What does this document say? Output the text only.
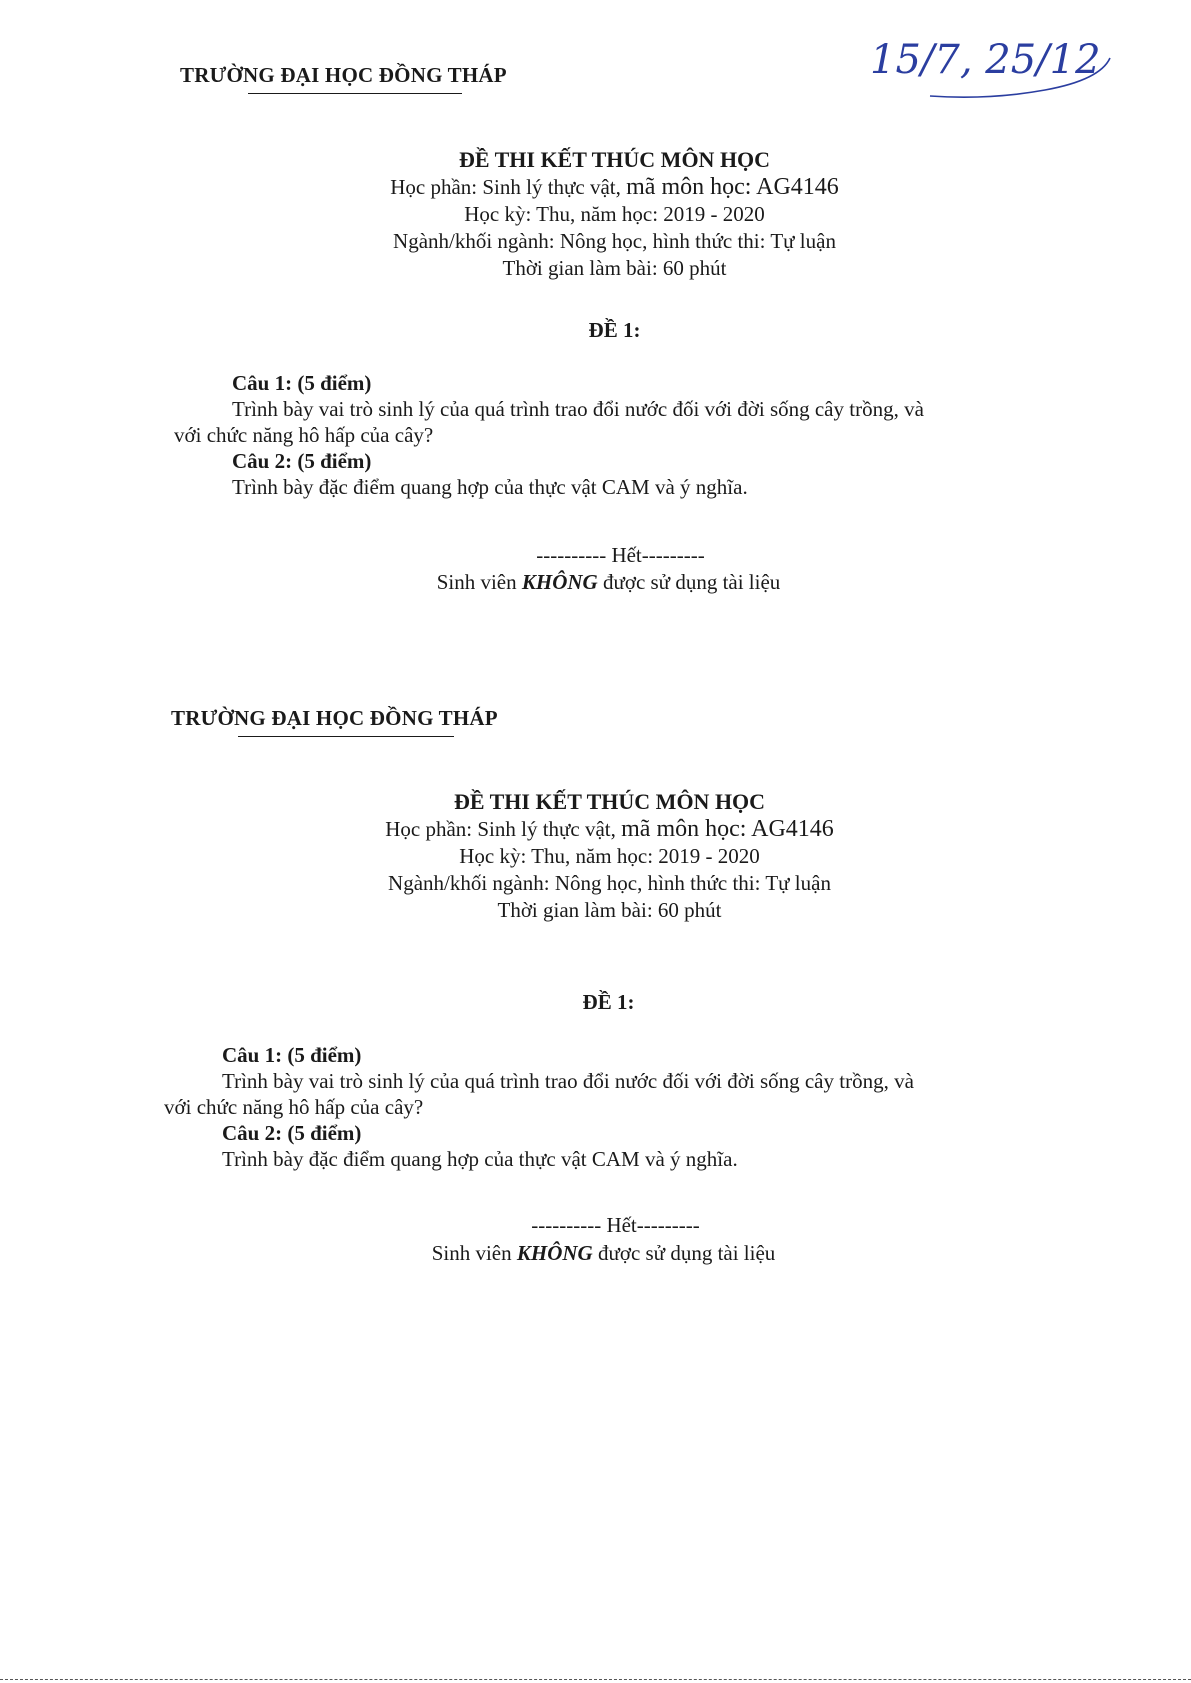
15/7, 25/12
TRƯỜNG ĐẠI HỌC ĐỒNG THÁP
ĐỀ THI KẾT THÚC MÔN HỌC
Học phần: Sinh lý thực vật, mã môn học: AG4146
Học kỳ: Thu, năm học: 2019 - 2020
Ngành/khối ngành: Nông học, hình thức thi: Tự luận
Thời gian làm bài: 60 phút
ĐỀ 1:
Câu 1: (5 điểm)
Trình bày vai trò sinh lý của quá trình trao đổi nước đối với đời sống cây trồng, và
với chức năng hô hấp của cây?
Câu 2: (5 điểm)
Trình bày đặc điểm quang hợp của thực vật CAM và ý nghĩa.
---------- Hết---------
Sinh viên KHÔNG được sử dụng tài liệu
TRƯỜNG ĐẠI HỌC ĐỒNG THÁP
ĐỀ THI KẾT THÚC MÔN HỌC
Học phần: Sinh lý thực vật, mã môn học: AG4146
Học kỳ: Thu, năm học: 2019 - 2020
Ngành/khối ngành: Nông học, hình thức thi: Tự luận
Thời gian làm bài: 60 phút
ĐỀ 1:
Câu 1: (5 điểm)
Trình bày vai trò sinh lý của quá trình trao đổi nước đối với đời sống cây trồng, và
với chức năng hô hấp của cây?
Câu 2: (5 điểm)
Trình bày đặc điểm quang hợp của thực vật CAM và ý nghĩa.
---------- Hết---------
Sinh viên KHÔNG được sử dụng tài liệu
